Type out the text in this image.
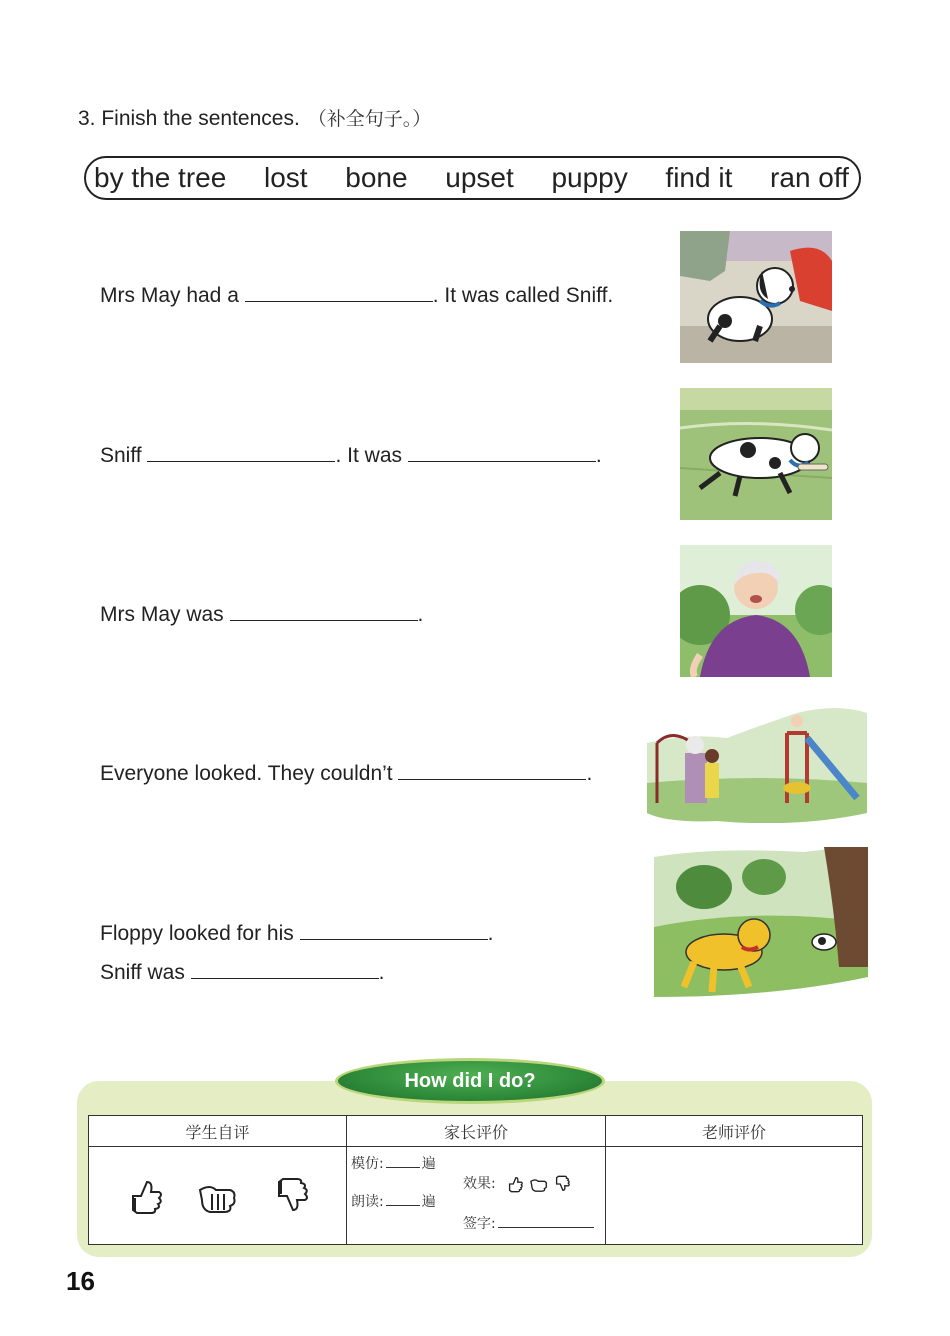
3. Finish the sentences. （补全句子。）
by the tree lost bone upset puppy find it ran off
Mrs May had a	. It was called Sniff.
Sniff	. It was	.
Mrs May was	.
Everyone looked. They couldn’t	.
Floppy looked for his	.
Sniff was	.
How did I do?
学生自评	家长评价	老师评价

模仿: 遍
朗读: 遍
效果:
签字:	

16
